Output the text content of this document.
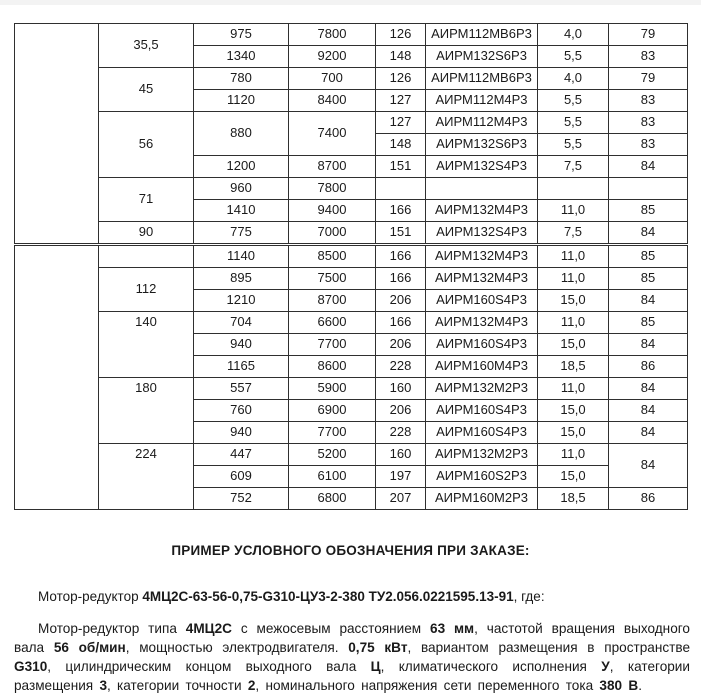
	35,5	975	7800	126	АИРМ112МВ6Р3	4,0	79
		1340	9200	148	АИРМ132S6Р3	5,5	83
	45	780	700	126	АИРМ112МВ6Р3	4,0	79
		1120	8400	127	АИРМ112М4Р3	5,5	83
	56	880	7400	127	АИРМ112М4Р3	5,5	83
				148	АИРМ132S6Р3	5,5	83
		1200	8700	151	АИРМ132S4Р3	7,5	84
	71	960	7800				
		1410	9400	166	АИРМ132М4Р3	11,0	85
	90	775	7000	151	АИРМ132S4Р3	7,5	84
		1140	8500	166	АИРМ132М4Р3	11,0	85
	112	895	7500	166	АИРМ132М4Р3	11,0	85
		1210	8700	206	АИРМ160S4Р3	15,0	84
	140	704	6600	166	АИРМ132М4Р3	11,0	85
		940	7700	206	АИРМ160S4Р3	15,0	84
		1165	8600	228	АИРМ160М4Р3	18,5	86
	180	557	5900	160	АИРМ132М2Р3	11,0	84
		760	6900	206	АИРМ160S4Р3	15,0	84
		940	7700	228	АИРМ160S4Р3	15,0	84
	224	447	5200	160	АИРМ132М2Р3	11,0	84
		609	6100	197	АИРМ160S2Р3	15,0	
		752	6800	207	АИРМ160М2Р3	18,5	86
ПРИМЕР УСЛОВНОГО ОБОЗНАЧЕНИЯ ПРИ ЗАКАЗЕ:

Мотор-редуктор 4МЦ2С-63-56-0,75-G310-ЦУ3-2-380 ТУ2.056.0221595.13-91, где:

Мотор-редуктор типа 4МЦ2С с межосевым расстоянием 63 мм, частотой вращения выходного вала 56 об/мин, мощностью электродвигателя. 0,75 кВт, вариантом размещения в пространстве G310, цилиндрическим концом выходного вала Ц, климатического исполнения У, категории размещения 3, категории точности 2, номинального напряжения сети переменного тока 380 В.
